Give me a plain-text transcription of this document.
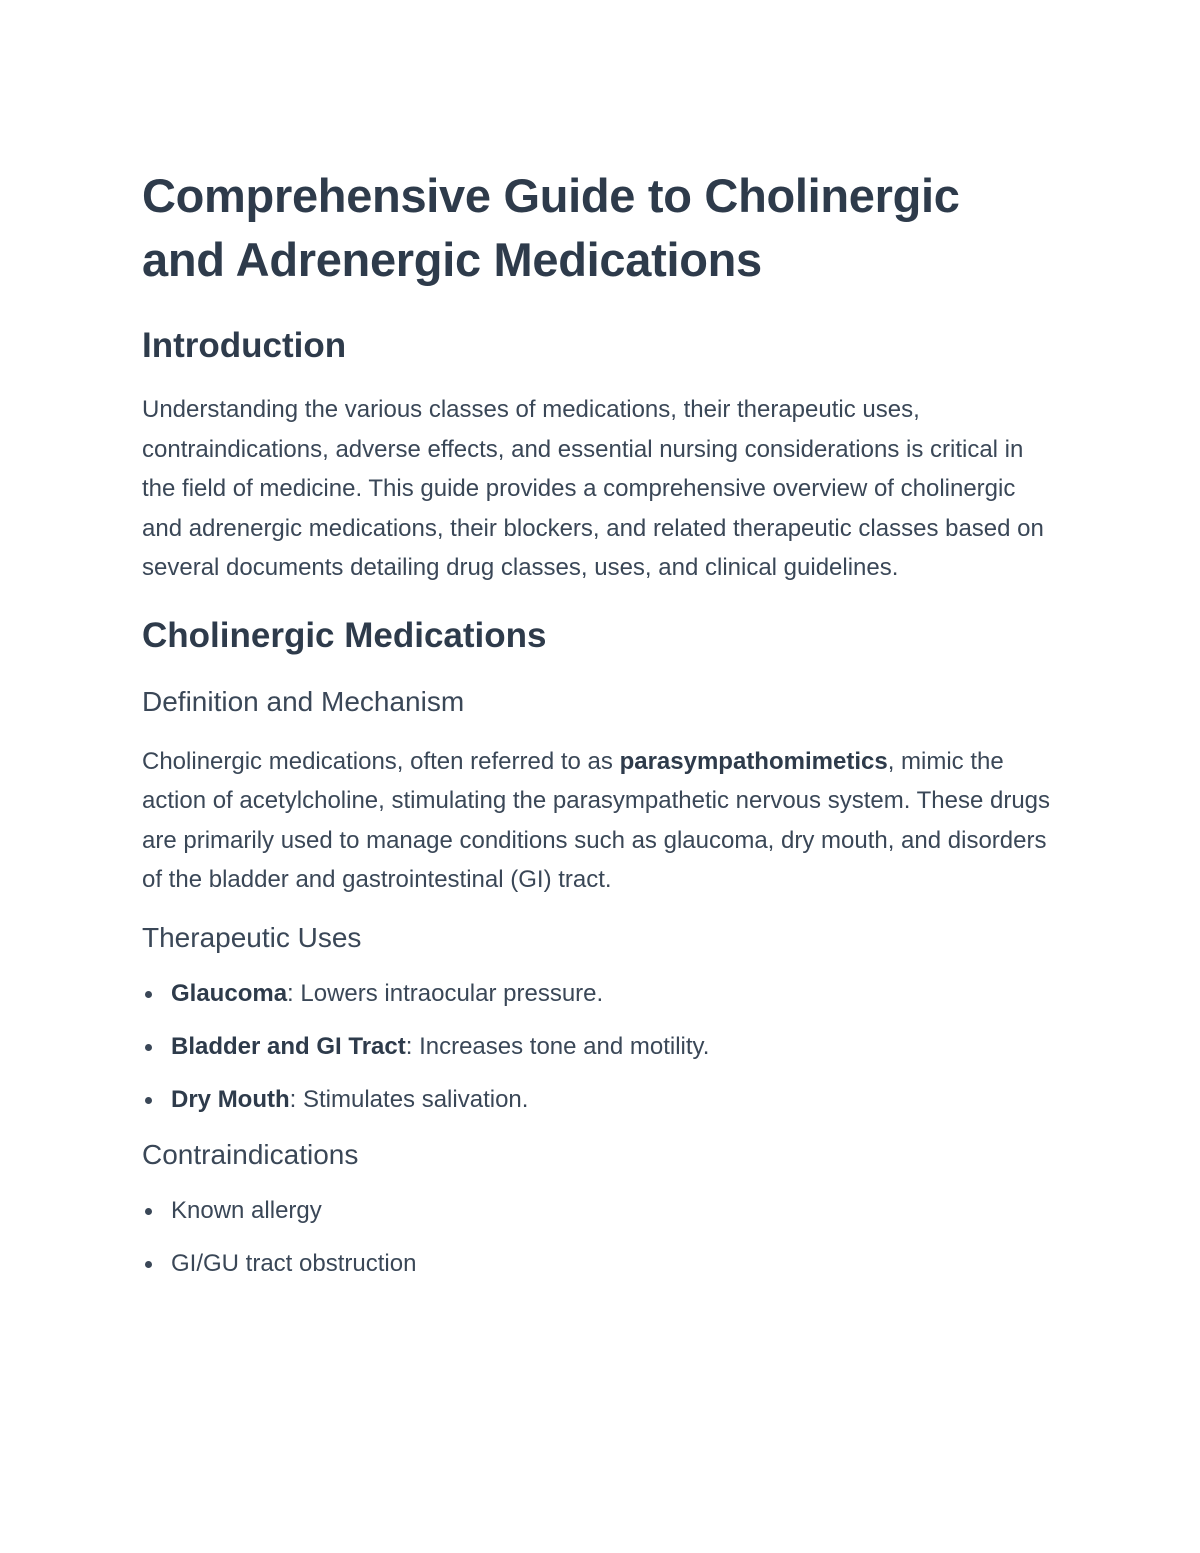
Comprehensive Guide to Cholinergic
and Adrenergic Medications
Introduction

Understanding the various classes of medications, their therapeutic uses, contraindications, adverse effects, and essential nursing considerations is critical in the field of medicine. This guide provides a comprehensive overview of cholinergic and adrenergic medications, their blockers, and related therapeutic classes based on several documents detailing drug classes, uses, and clinical guidelines.

Cholinergic Medications
Definition and Mechanism

Cholinergic medications, often referred to as parasympathomimetics, mimic the action of acetylcholine, stimulating the parasympathetic nervous system. These drugs are primarily used to manage conditions such as glaucoma, dry mouth, and disorders of the bladder and gastrointestinal (GI) tract.

Therapeutic Uses
Glaucoma: Lowers intraocular pressure.
Bladder and GI Tract: Increases tone and motility.
Dry Mouth: Stimulates salivation.
Contraindications
Known allergy
GI/GU tract obstruction
